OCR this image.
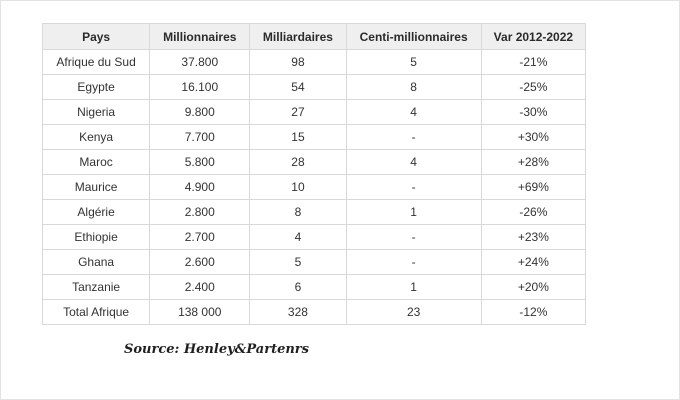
Pays	Millionnaires	Milliardaires	Centi-millionnaires	Var 2012-2022
Afrique du Sud	37.800	98	5	-21%
Egypte	16.100	54	8	-25%
Nigeria	9.800	27	4	-30%
Kenya	7.700	15	-	+30%
Maroc	5.800	28	4	+28%
Maurice	4.900	10	-	+69%
Algérie	2.800	8	1	-26%
Ethiopie	2.700	4	-	+23%
Ghana	2.600	5	-	+24%
Tanzanie	2.400	6	1	+20%
Total Afrique	138 000	328	23	-12%
Source: Henley&Partenrs
